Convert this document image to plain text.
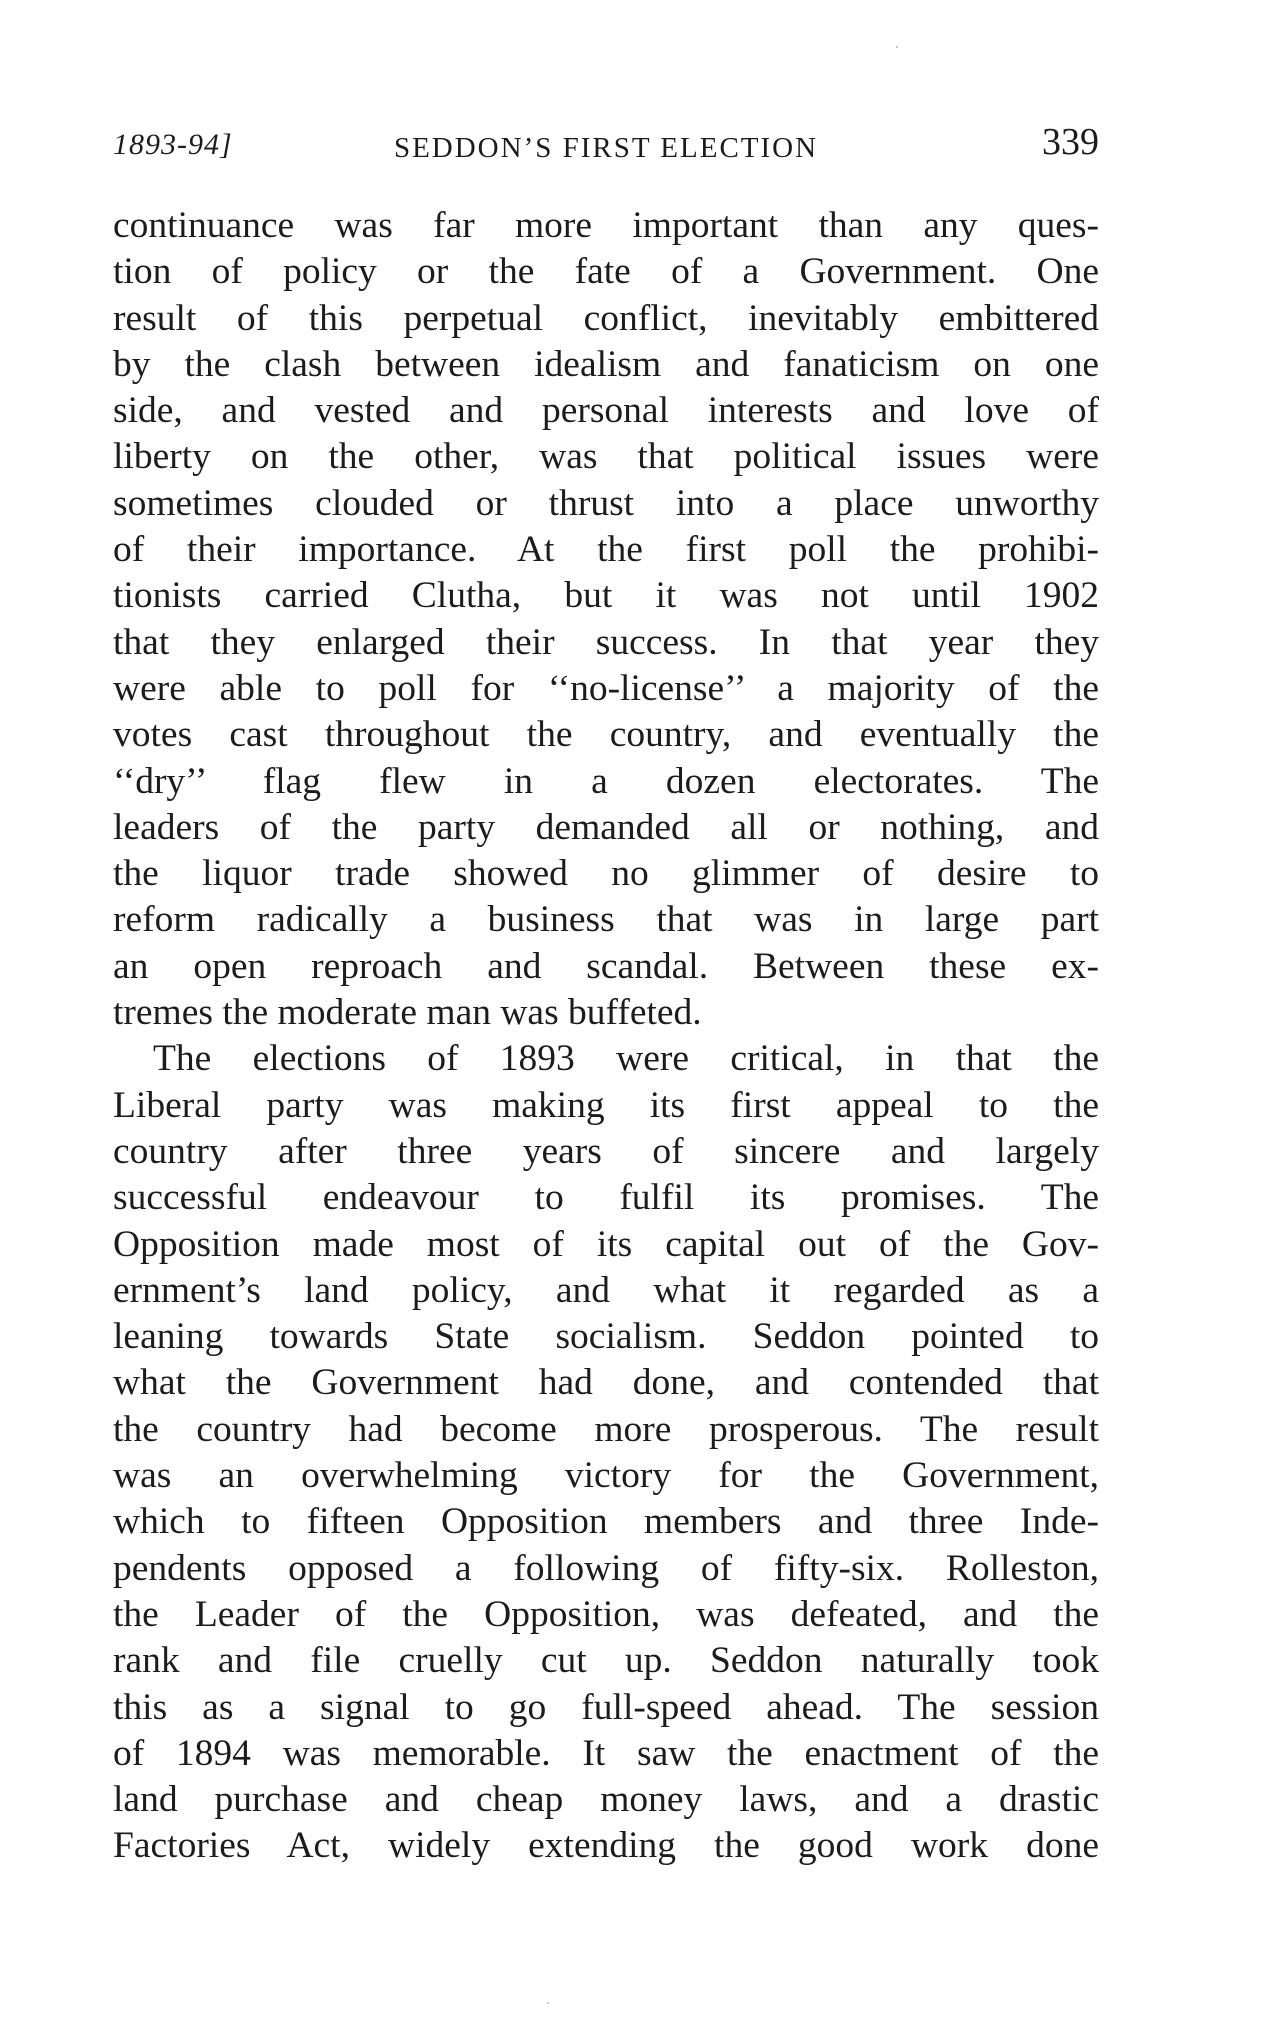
1893-94]	SEDDON’S FIRST ELECTION	339
continuance was far more important than any ques-
tion of policy or the fate of a Government. One
result of this perpetual conflict, inevitably embittered
by the clash between idealism and fanaticism on one
side, and vested and personal interests and love of
liberty on the other, was that political issues were
sometimes clouded or thrust into a place unworthy
of their importance. At the first poll the prohibi-
tionists carried Clutha, but it was not until 1902
that they enlarged their success. In that year they
were able to poll for ‘‘no-license’’ a majority of the
votes cast throughout the country, and eventually the
‘‘dry’’ flag flew in a dozen electorates. The
leaders of the party demanded all or nothing, and
the liquor trade showed no glimmer of desire to
reform radically a business that was in large part
an open reproach and scandal. Between these ex-
tremes the moderate man was buffeted.
The elections of 1893 were critical, in that the
Liberal party was making its first appeal to the
country after three years of sincere and largely
successful endeavour to fulfil its promises. The
Opposition made most of its capital out of the Gov-
ernment’s land policy, and what it regarded as a
leaning towards State socialism. Seddon pointed to
what the Government had done, and contended that
the country had become more prosperous. The result
was an overwhelming victory for the Government,
which to fifteen Opposition members and three Inde-
pendents opposed a following of fifty-six. Rolleston,
the Leader of the Opposition, was defeated, and the
rank and file cruelly cut up. Seddon naturally took
this as a signal to go full-speed ahead. The session
of 1894 was memorable. It saw the enactment of the
land purchase and cheap money laws, and a drastic
Factories Act, widely extending the good work done
